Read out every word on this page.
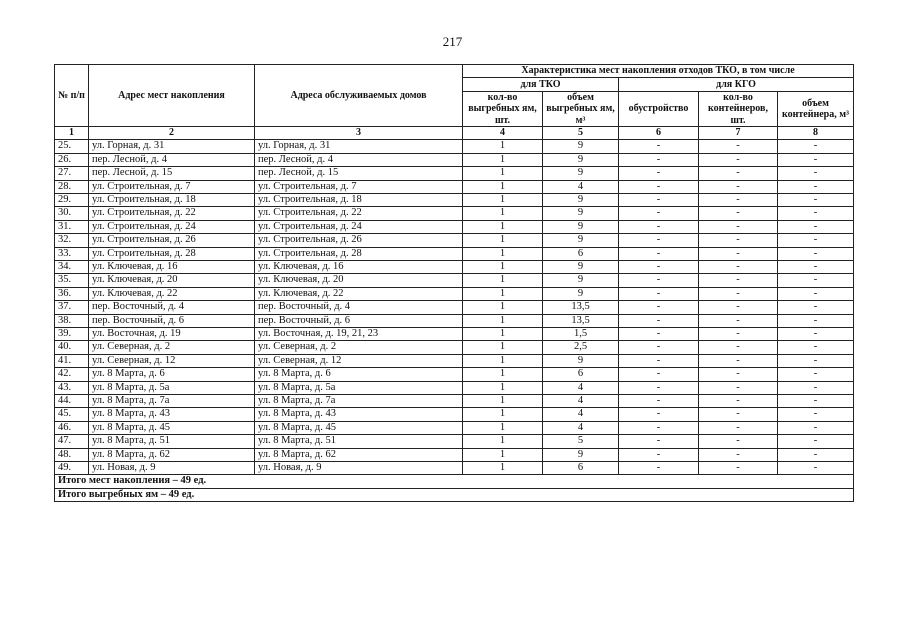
217
№ п/п	Адрес мест накопления	Адреса обслуживаемых домов	Характеристика мест накопления отходов ТКО, в том числе				
			для ТКО		для КГО		
			кол-во выгребных ям, шт.	объем выгребных ям, м³	обустройство	кол-во контейнеров, шт.	объем контейнера, м³
1	2	3	4	5	6	7	8
25.	ул. Горная, д. 31	ул. Горная, д. 31	1	9	-	-	-
26.	пер. Лесной, д. 4	пер. Лесной, д. 4	1	9	-	-	-
27.	пер. Лесной, д. 15	пер. Лесной, д. 15	1	9	-	-	-
28.	ул. Строительная, д. 7	ул. Строительная, д. 7	1	4	-	-	-
29.	ул. Строительная, д. 18	ул. Строительная, д. 18	1	9	-	-	-
30.	ул. Строительная, д. 22	ул. Строительная, д. 22	1	9	-	-	-
31.	ул. Строительная, д. 24	ул. Строительная, д. 24	1	9	-	-	-
32.	ул. Строительная, д. 26	ул. Строительная, д. 26	1	9	-	-	-
33.	ул. Строительная, д. 28	ул. Строительная, д. 28	1	6	-	-	-
34.	ул. Ключевая, д. 16	ул. Ключевая, д. 16	1	9	-	-	-
35.	ул. Ключевая, д. 20	ул. Ключевая, д. 20	1	9	-	-	-
36.	ул. Ключевая, д. 22	ул. Ключевая, д. 22	1	9	-	-	-
37.	пер. Восточный, д. 4	пер. Восточный, д. 4	1	13,5	-	-	-
38.	пер. Восточный, д. 6	пер. Восточный, д. 6	1	13,5	-	-	-
39.	ул. Восточная, д. 19	ул. Восточная, д. 19, 21, 23	1	1,5	-	-	-
40.	ул. Северная, д. 2	ул. Северная, д. 2	1	2,5	-	-	-
41.	ул. Северная, д. 12	ул. Северная, д. 12	1	9	-	-	-
42.	ул. 8 Марта, д. 6	ул. 8 Марта, д. 6	1	6	-	-	-
43.	ул. 8 Марта, д. 5а	ул. 8 Марта, д. 5а	1	4	-	-	-
44.	ул. 8 Марта, д. 7а	ул. 8 Марта, д. 7а	1	4	-	-	-
45.	ул. 8 Марта, д. 43	ул. 8 Марта, д. 43	1	4	-	-	-
46.	ул. 8 Марта, д. 45	ул. 8 Марта, д. 45	1	4	-	-	-
47.	ул. 8 Марта, д. 51	ул. 8 Марта, д. 51	1	5	-	-	-
48.	ул. 8 Марта, д. 62	ул. 8 Марта, д. 62	1	9	-	-	-
49.	ул. Новая, д. 9	ул. Новая, д. 9	1	6	-	-	-
Итого мест накопления – 49 ед.							
Итого выгребных ям – 49 ед.							
